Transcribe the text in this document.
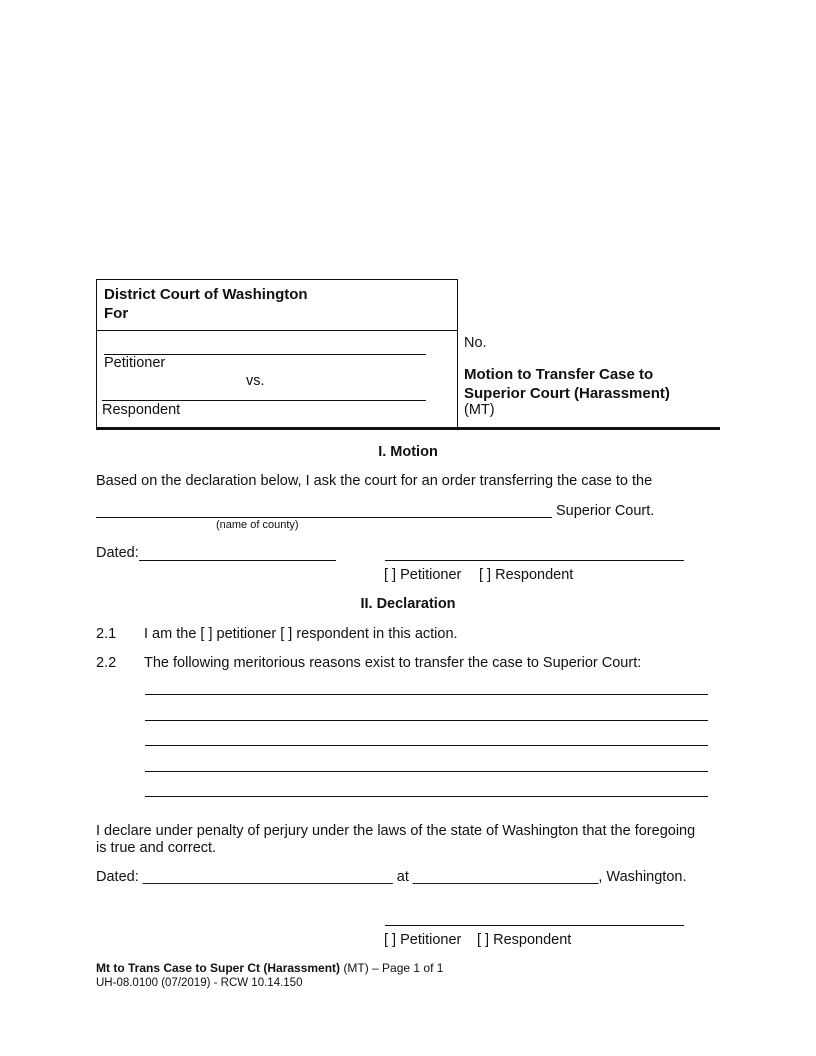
District Court of Washington
For
Petitioner
vs.
Respondent
No.
Motion to Transfer Case to
Superior Court (Harassment)
(MT)
I. Motion
Based on the declaration below, I ask the court for an order transferring the case to the
Superior Court.
(name of county)
Dated:
[ ] Petitioner [ ] Respondent
II. Declaration
2.1 I am the [ ] petitioner [ ] respondent in this action.
2.2 The following meritorious reasons exist to transfer the case to Superior Court:
I declare under penalty of perjury under the laws of the state of Washington that the foregoing
is true and correct.
Dated: _______________________________ at _______________________, Washington.
[ ] Petitioner [ ] Respondent
Mt to Trans Case to Super Ct (Harassment) (MT) – Page 1 of 1
UH-08.0100 (07/2019) - RCW 10.14.150
